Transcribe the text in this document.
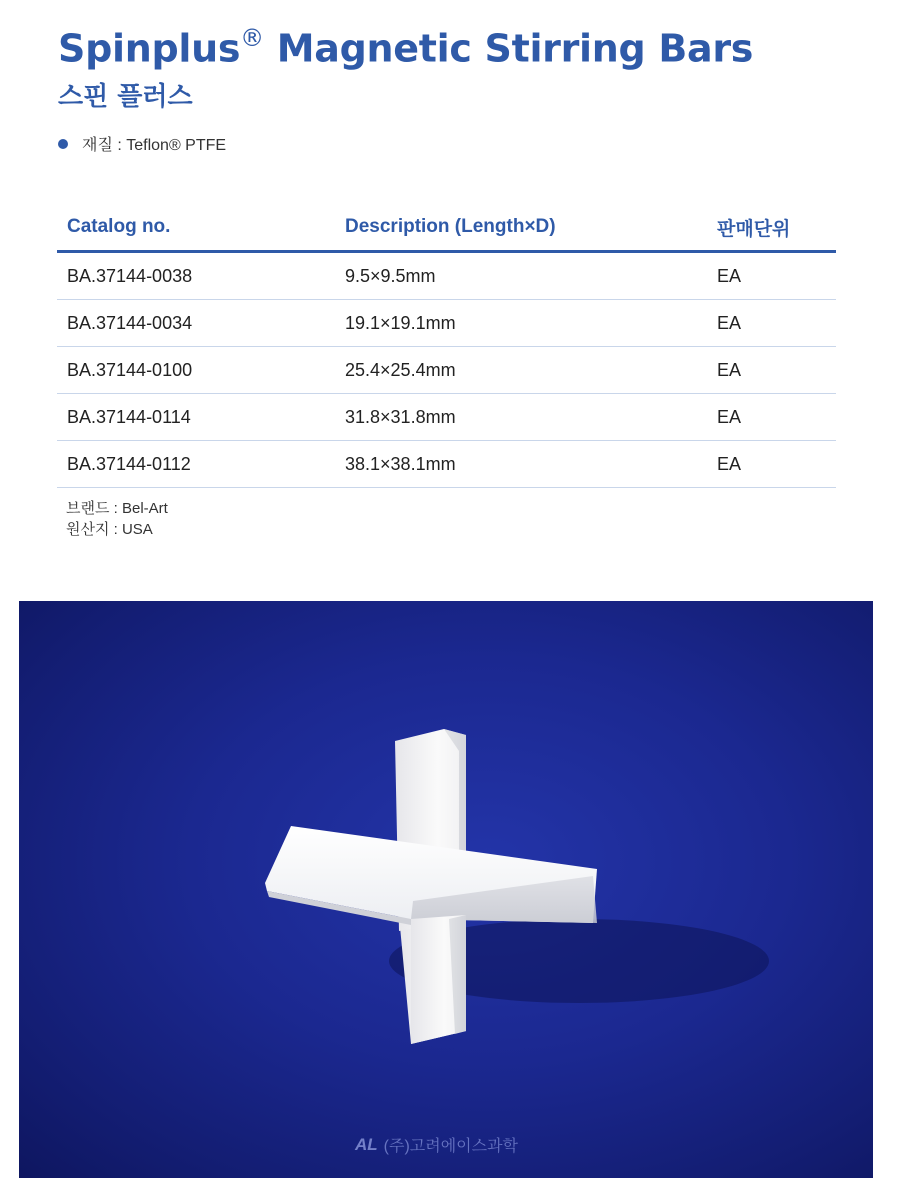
Spinplus® Magnetic Stirring Bars
스핀 플러스
재질 : Teflon® PTFE
Catalog no.	Description (Length×D)	판매단위
BA.37144-0038	9.5×9.5mm	EA
BA.37144-0034	19.1×19.1mm	EA
BA.37144-0100	25.4×25.4mm	EA
BA.37144-0114	31.8×31.8mm	EA
BA.37144-0112	38.1×38.1mm	EA
브랜드 : Bel-Art
원산지 : USA
AL (주)고려에이스과학
